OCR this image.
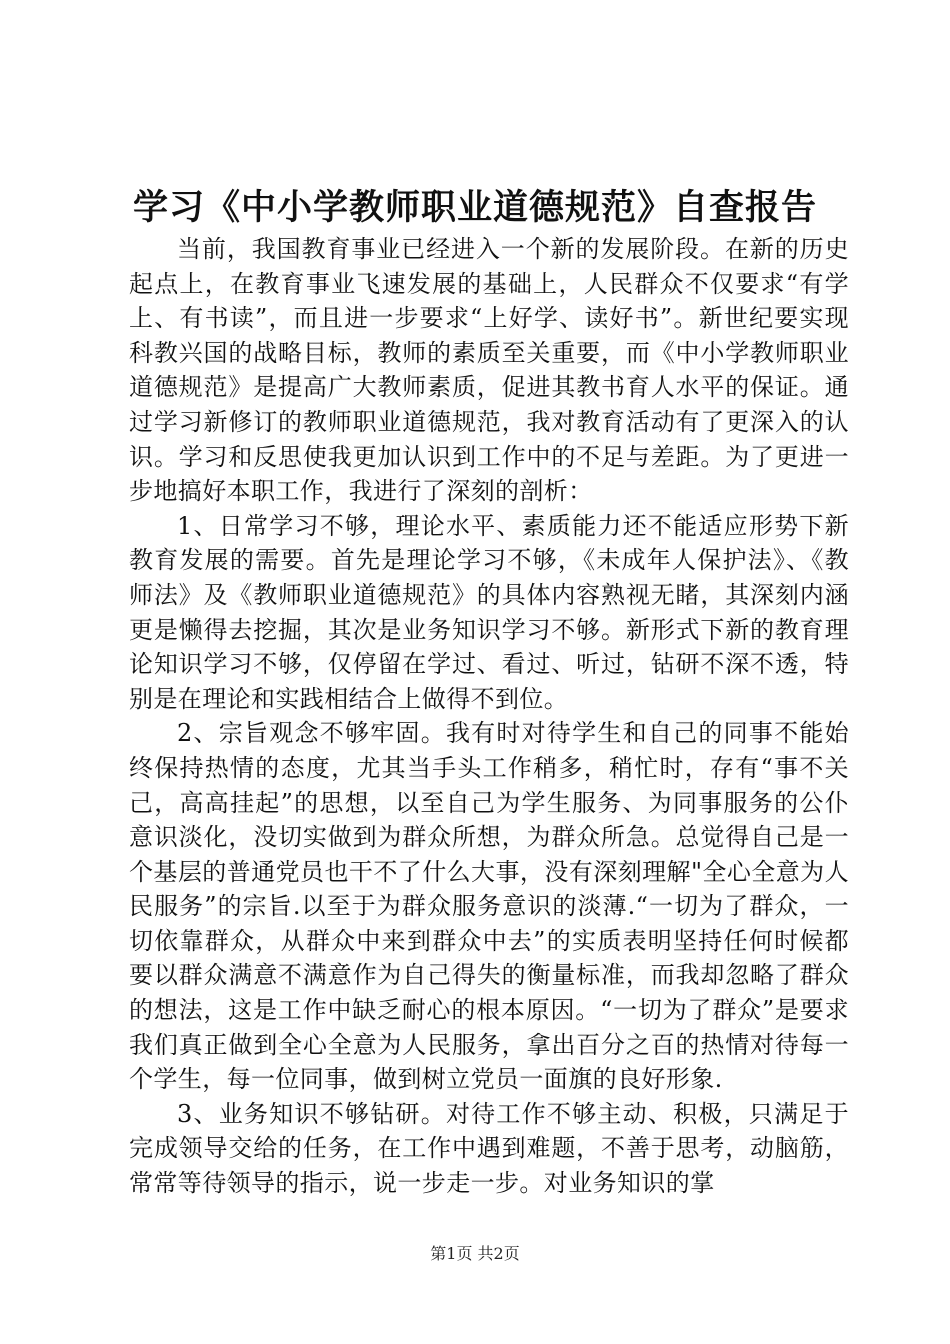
学习《中小学教师职业道德规范》自查报告

当前，我国教育事业已经进入一个新的发展阶段。在新的历史起点上，在教育事业飞速发展的基础上，人民群众不仅要求“有学上、有书读”，而且进一步要求“上好学、读好书”。新世纪要实现科教兴国的战略目标，教师的素质至关重要，而《中小学教师职业道德规范》是提高广大教师素质，促进其教书育人水平的保证。通过学习新修订的教师职业道德规范，我对教育活动有了更深入的认识。学习和反思使我更加认识到工作中的不足与差距。为了更进一步地搞好本职工作，我进行了深刻的剖析：

1、日常学习不够，理论水平、素质能力还不能适应形势下新教育发展的需要。首先是理论学习不够，《未成年人保护法》、《教师法》及《教师职业道德规范》的具体内容熟视无睹，其深刻内涵更是懒得去挖掘，其次是业务知识学习不够。新形式下新的教育理论知识学习不够，仅停留在学过、看过、听过，钻研不深不透，特别是在理论和实践相结合上做得不到位。

2、宗旨观念不够牢固。我有时对待学生和自己的同事不能始终保持热情的态度，尤其当手头工作稍多，稍忙时，存有“事不关己，高高挂起”的思想，以至自己为学生服务、为同事服务的公仆意识淡化，没切实做到为群众所想，为群众所急。总觉得自己是一个基层的普通党员也干不了什么大事，没有深刻理解"全心全意为人民服务”的宗旨.以至于为群众服务意识的淡薄.“一切为了群众，一切依靠群众，从群众中来到群众中去”的实质表明坚持任何时候都要以群众满意不满意作为自己得失的衡量标准，而我却忽略了群众的想法，这是工作中缺乏耐心的根本原因。“一切为了群众”是要求我们真正做到全心全意为人民服务，拿出百分之百的热情对待每一个学生，每一位同事，做到树立党员一面旗的良好形象.

3、业务知识不够钻研。对待工作不够主动、积极，只满足于完成领导交给的任务，在工作中遇到难题，不善于思考，动脑筋，常常等待领导的指示，说一步走一步。对业务知识的掌

第1页 共2页
